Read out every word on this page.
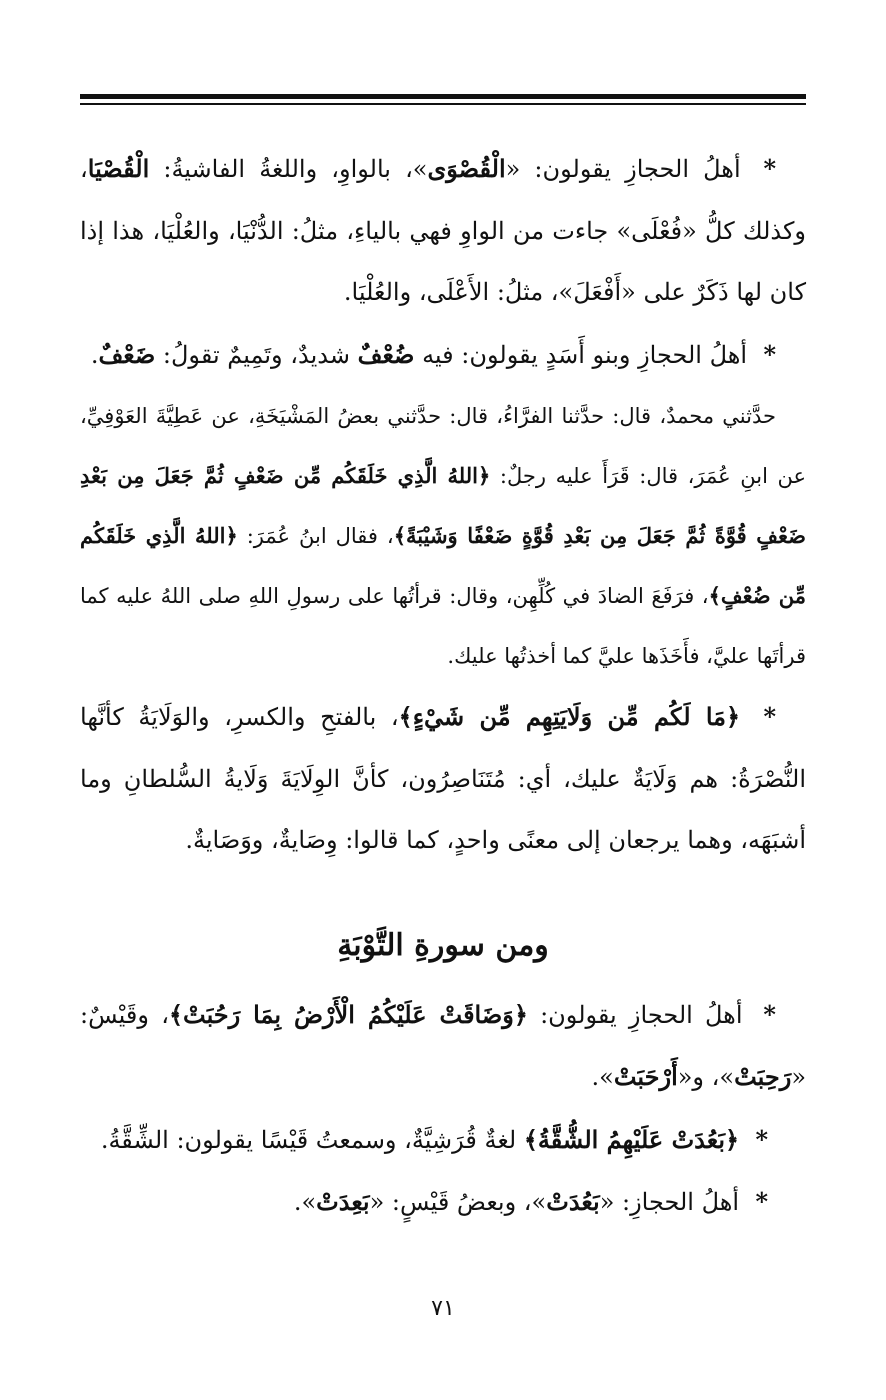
* أهلُ الحجازِ يقولون: «الْقُصْوَى»، بالواوِ، واللغةُ الفاشيةُ: الْقُصْيَا، وكذلك كلُّ «فُعْلَى» جاءت من الواوِ فهي بالياءِ، مثلُ: الدُّنْيَا، والعُلْيَا، هذا إذا كان لها ذَكَرٌ على «أَفْعَلَ»، مثلُ: الأَعْلَى، والعُلْيَا.

* أهلُ الحجازِ وبنو أَسَدٍ يقولون: فيه ضُعْفٌ شديدٌ، وتَمِيمٌ تقولُ: ضَعْفٌ.

حدَّثني محمدٌ، قال: حدَّثنا الفرَّاءُ، قال: حدَّثني بعضُ المَشْيَخَةِ، عن عَطِيَّةَ العَوْفِيِّ، عن ابنِ عُمَرَ، قال: قَرَأَ عليه رجلٌ: ﴿اللهُ الَّذِي خَلَقَكُم مِّن ضَعْفٍ ثُمَّ جَعَلَ مِن بَعْدِ ضَعْفٍ قُوَّةً ثُمَّ جَعَلَ مِن بَعْدِ قُوَّةٍ ضَعْفًا وَشَيْبَةً﴾، فقال ابنُ عُمَرَ: ﴿اللهُ الَّذِي خَلَقَكُم مِّن ضُعْفٍ﴾، فرَفَعَ الضادَ في كُلِّهِن، وقال: قرأتُها على رسولِ اللهِ صلى اللهُ عليه كما قرأتَها عليَّ، فأَخَذَها عليَّ كما أخذتُها عليك.

* ﴿مَا لَكُم مِّن وَلَايَتِهِم مِّن شَيْءٍ﴾، بالفتحِ والكسرِ، والوَلَايَةُ كأنَّها النُّصْرَةُ: هم وَلَايَةٌ عليك، أي: مُتَنَاصِرُون، كأنَّ الوِلَايَةَ وَلَايةُ السُّلطانِ وما أشبَهَه، وهما يرجعان إلى معنًى واحدٍ، كما قالوا: وِصَايةٌ، ووَصَايةٌ.

ومن سورةِ التَّوْبَةِ

* أهلُ الحجازِ يقولون: ﴿وَضَاقَتْ عَلَيْكُمُ الْأَرْضُ بِمَا رَحُبَتْ﴾، وقَيْسٌ: «رَحِبَتْ»، و«أَرْحَبَتْ».

* ﴿بَعُدَتْ عَلَيْهِمُ الشُّقَّةُ﴾ لغةٌ قُرَشِيَّةٌ، وسمعتُ قَيْسًا يقولون: الشِّقَّةُ.

* أهلُ الحجازِ: «بَعُدَتْ»، وبعضُ قَيْسٍ: «بَعِدَتْ».

٧١
